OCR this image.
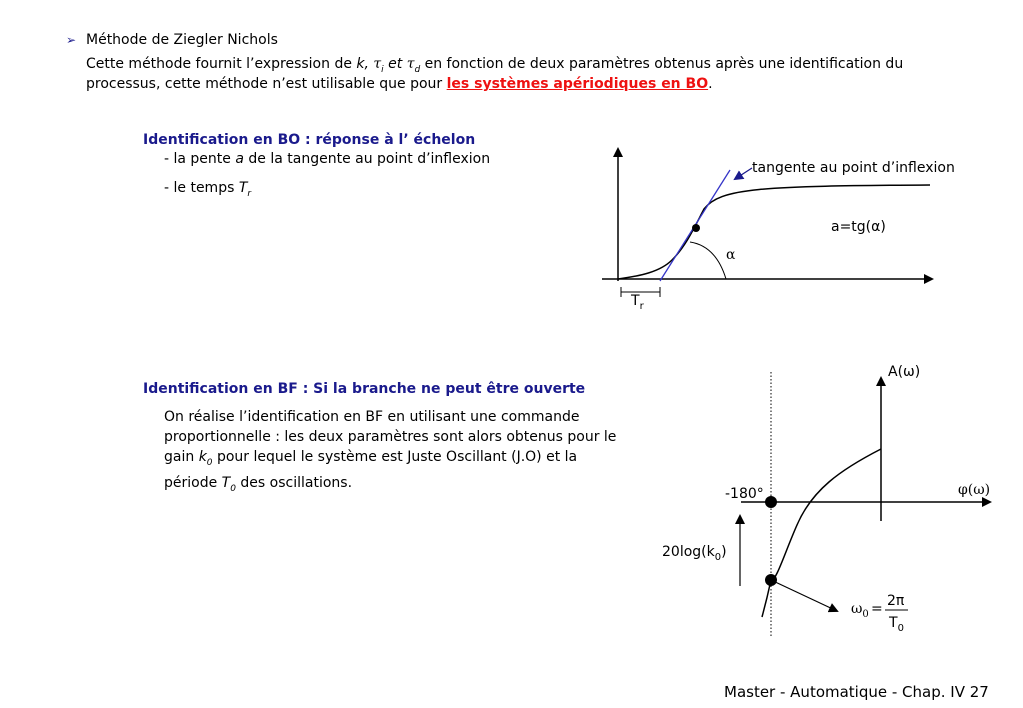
➢ Méthode de Ziegler Nichols
Cette méthode fournit l’expression de k, $\tau_i$ et $\tau_d$ en fonction de deux paramètres obtenus après une identification du
processus, cette méthode n’est utilisable que pour les systèmes apériodiques en BO.
Identification en BO : réponse à l’ échelon
- la pente a de la tangente au point d’inflexion
- le temps $T_r$
Identification en BF : Si la branche ne peut être ouverte
On réalise l’identification en BF en utilisant une commande
proportionnelle : les deux paramètres sont alors obtenus pour le
gain $k_0$ pour lequel le système est Juste Oscillant (J.O) et la
période $T_0$ des oscillations.
tangente au point d’inflexion
a=tg(α)
α
$T_r$
A(ω)
φ(ω)
-180°
$20\log(k_0)$
$\omega_0 = 2\pi$
$T_0$
Master - Automatique - Chap. IV 27
